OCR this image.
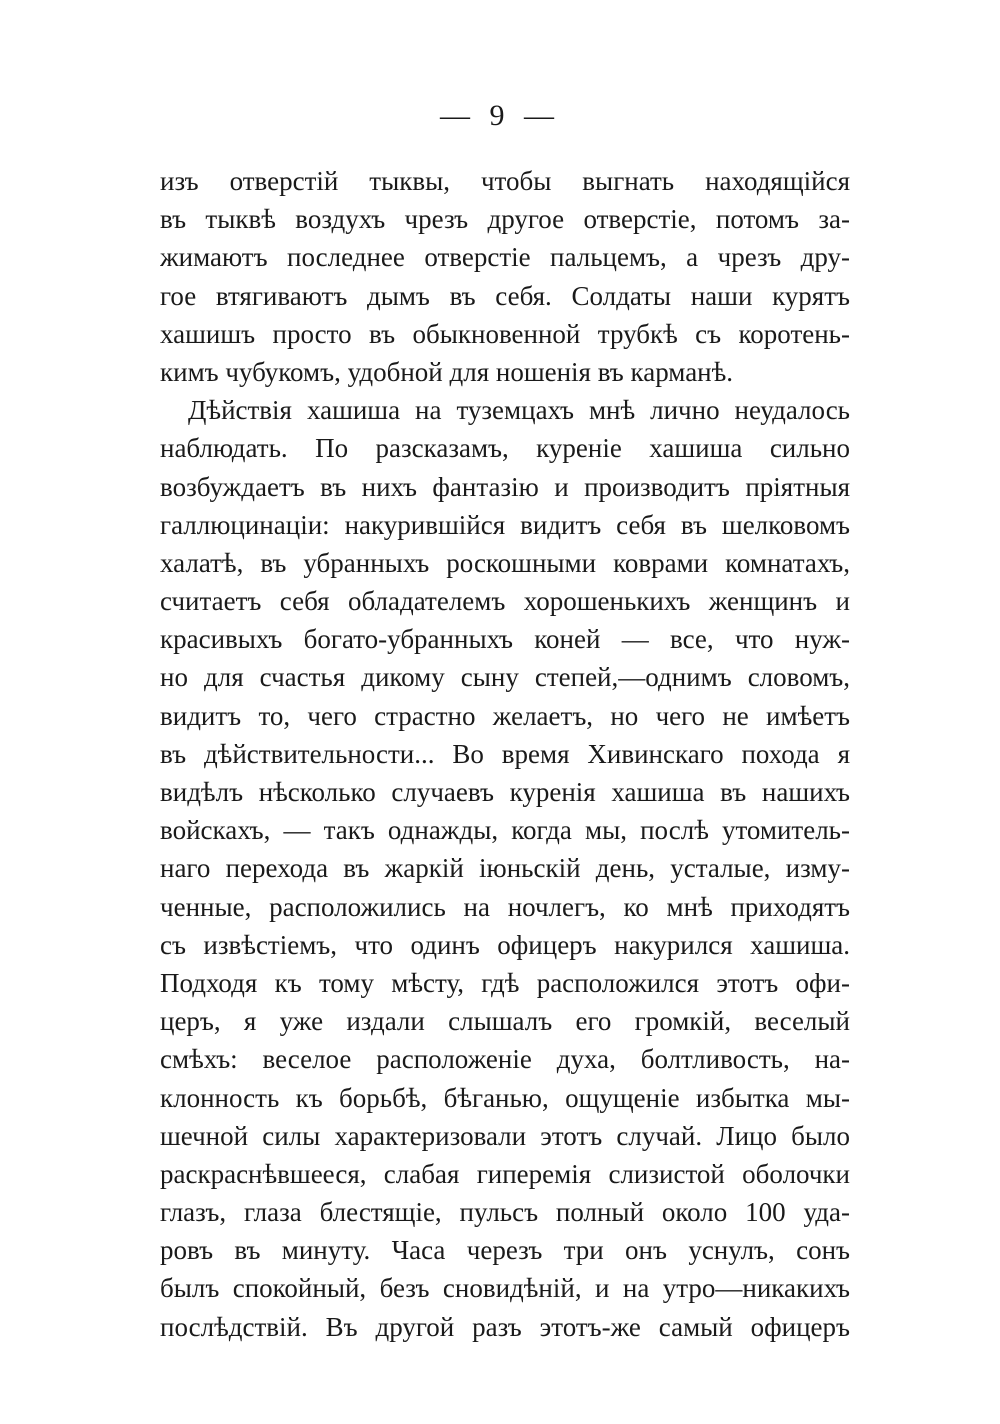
— 9 —
изъ отверстій тыквы, чтобы выгнать находящійся
въ тыквѣ воздухъ чрезъ другое отверстіе, потомъ за-
жимаютъ последнее отверстіе пальцемъ, а чрезъ дру-
гое втягиваютъ дымъ въ себя. Солдаты наши курятъ
хашишъ просто въ обыкновенной трубкѣ съ коротень-
кимъ чубукомъ, удобной для ношенія въ карманѣ.
Дѣйствія хашиша на туземцахъ мнѣ лично неудалось
наблюдать. По разсказамъ, куреніе хашиша сильно
возбуждаетъ въ нихъ фантазію и производитъ пріятныя
галлюцинаціи: накурившійся видитъ себя въ шелковомъ
халатѣ, въ убранныхъ роскошными коврами комнатахъ,
считаетъ себя обладателемъ хорошенькихъ женщинъ и
красивыхъ богато-убранныхъ коней — все, что нуж-
но для счастья дикому сыну степей,—однимъ словомъ,
видитъ то, чего страстно желаетъ, но чего не имѣетъ
въ дѣйствительности... Во время Хивинскаго похода я
видѣлъ нѣсколько случаевъ куренія хашиша въ нашихъ
войскахъ, — такъ однажды, когда мы, послѣ утомитель-
наго перехода въ жаркій іюньскій день, усталые, изму-
ченные, расположились на ночлегъ, ко мнѣ приходятъ
съ извѣстіемъ, что одинъ офицеръ накурился хашиша.
Подходя къ тому мѣсту, гдѣ расположился этотъ офи-
церъ, я уже издали слышалъ его громкій, веселый
смѣхъ: веселое расположеніе духа, болтливость, на-
клонность къ борьбѣ, бѣганью, ощущеніе избытка мы-
шечной силы характеризовали этотъ случай. Лицо было
раскраснѣвшееся, слабая гиперемія слизистой оболочки
глазъ, глаза блестящіе, пульсъ полный около 100 уда-
ровъ въ минуту. Часа черезъ три онъ уснулъ, сонъ
былъ спокойный, безъ сновидѣній, и на утро—никакихъ
послѣдствій. Въ другой разъ этотъ-же самый офицеръ
